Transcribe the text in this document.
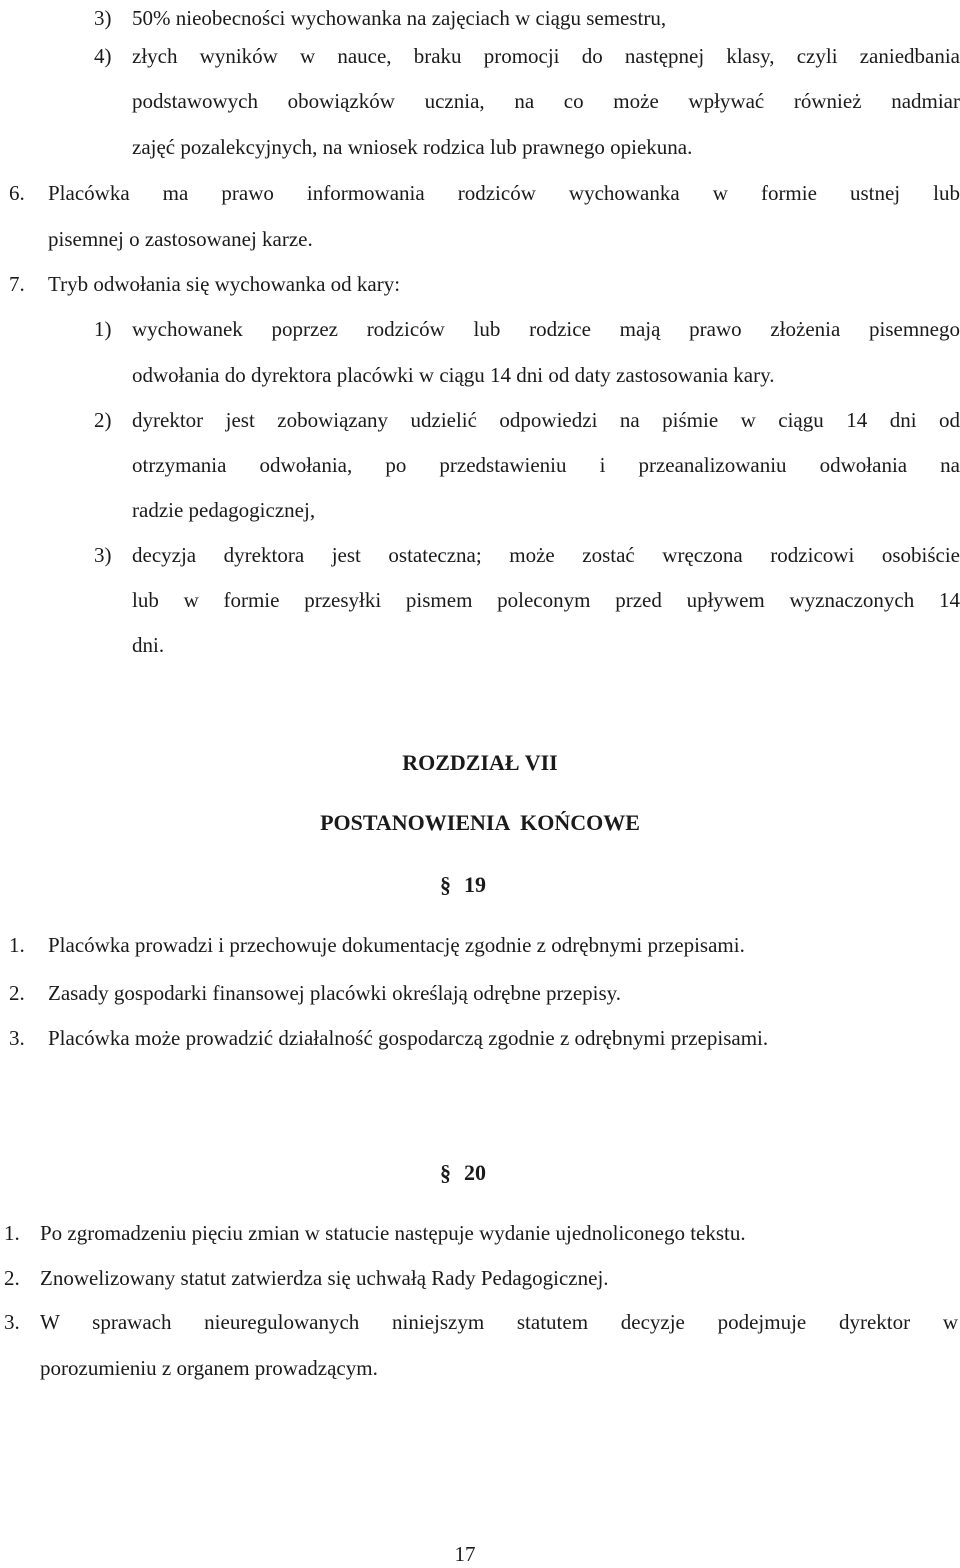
3) 50% nieobecności wychowanka na zajęciach w ciągu semestru,
4) złych wyników w nauce, braku promocji do następnej klasy, czyli zaniedbania
podstawowych obowiązków ucznia, na co może wpływać również nadmiar
zajęć pozalekcyjnych, na wniosek rodzica lub prawnego opiekuna.
6. Placówka ma prawo informowania rodziców wychowanka w formie ustnej lub
pisemnej o zastosowanej karze.
7. Tryb odwołania się wychowanka od kary:
1) wychowanek poprzez rodziców lub rodzice mają prawo złożenia pisemnego
odwołania do dyrektora placówki w ciągu 14 dni od daty zastosowania kary.
2) dyrektor jest zobowiązany udzielić odpowiedzi na piśmie w ciągu 14 dni od
otrzymania odwołania, po przedstawieniu i przeanalizowaniu odwołania na
radzie pedagogicznej,
3) decyzja dyrektora jest ostateczna; może zostać wręczona rodzicowi osobiście
lub w formie przesyłki pismem poleconym przed upływem wyznaczonych 14
dni.
ROZDZIAŁ VII
POSTANOWIENIA  KOŃCOWE
§ 19
1. Placówka prowadzi i przechowuje dokumentację zgodnie z odrębnymi przepisami.
2. Zasady gospodarki finansowej placówki określają odrębne przepisy.
3. Placówka może prowadzić działalność gospodarczą zgodnie z odrębnymi przepisami.
§ 20
1. Po zgromadzeniu pięciu zmian w statucie następuje wydanie ujednoliconego tekstu.
2. Znowelizowany statut zatwierdza się uchwałą Rady Pedagogicznej.
3. W sprawach nieuregulowanych niniejszym statutem decyzje podejmuje dyrektor w
porozumieniu z organem prowadzącym.
17
